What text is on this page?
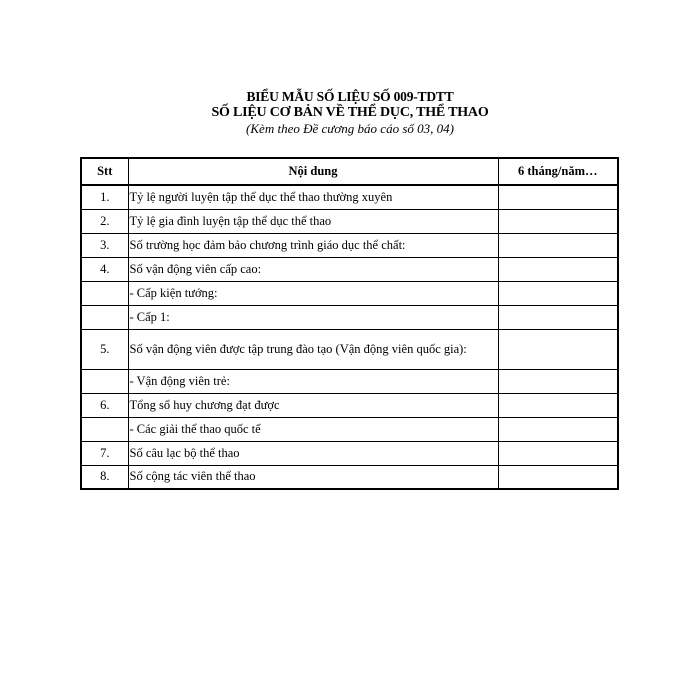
BIỂU MẪU SỐ LIỆU SỐ 009-TDTT
SỐ LIỆU CƠ BẢN VỀ THỂ DỤC, THỂ THAO
(Kèm theo Đề cương báo cáo số 03, 04)
Stt	Nội dung	6 tháng/năm…
1.	Tỷ lệ người luyện tập thể dục thể thao thường xuyên	
2.	Tỷ lệ gia đình luyện tập thể dục thể thao	
3.	Số trường học đảm bảo chương trình giáo dục thể chất:	
4.	Số vận động viên cấp cao:	
	- Cấp kiện tướng:	
	- Cấp 1:	
5.	Số vận động viên được tập trung đào tạo (Vận động viên quốc gia):	
	- Vận động viên trẻ:	
6.	Tổng số huy chương đạt được	
	- Các giải thể thao quốc tế	
7.	Số câu lạc bộ thể thao	
8.	Số cộng tác viên thể thao	
